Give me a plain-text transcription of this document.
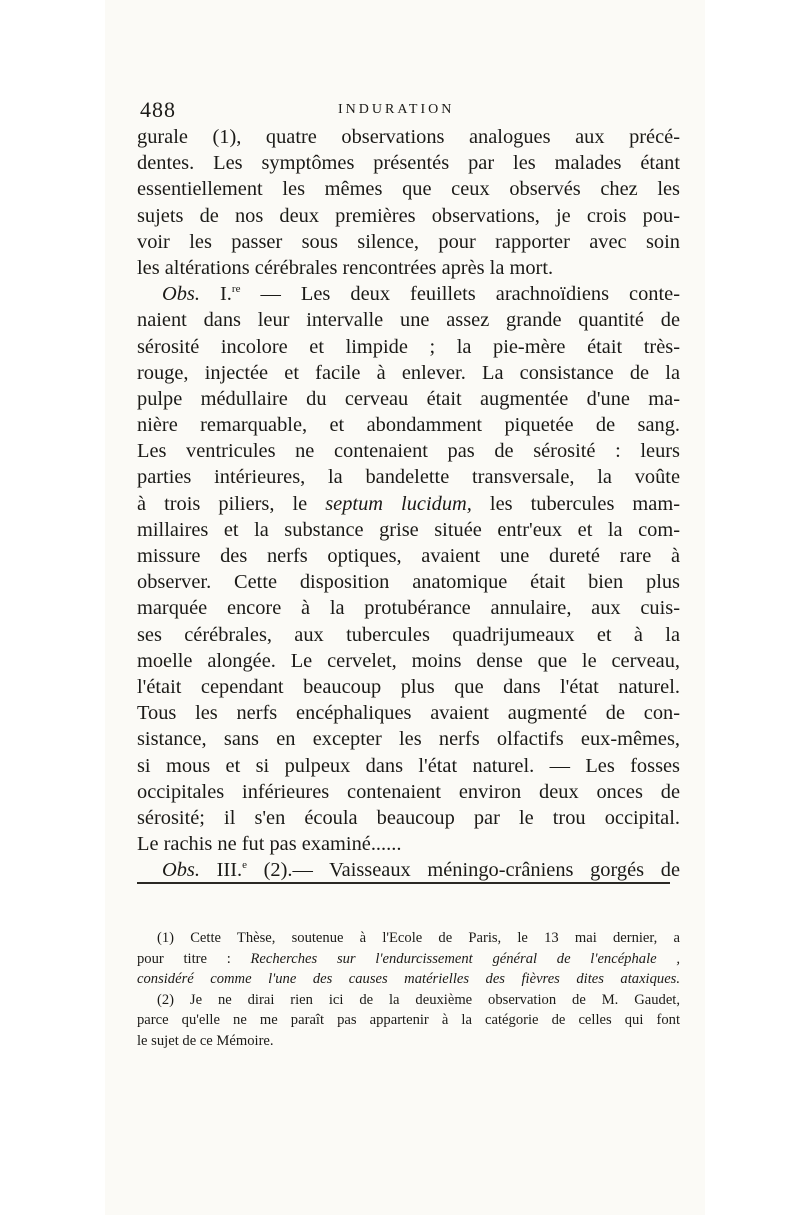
488	INDURATION
gurale (1), quatre observations analogues aux précé-
dentes. Les symptômes présentés par les malades étant
essentiellement les mêmes que ceux observés chez les
sujets de nos deux premières observations, je crois pou-
voir les passer sous silence, pour rapporter avec soin
les altérations cérébrales rencontrées après la mort.
Obs. I.$^{re}$ — Les deux feuillets arachnoïdiens conte-
naient dans leur intervalle une assez grande quantité de
sérosité incolore et limpide ; la pie-mère était très-
rouge, injectée et facile à enlever. La consistance de la
pulpe médullaire du cerveau était augmentée d'une ma-
nière remarquable, et abondamment piquetée de sang.
Les ventricules ne contenaient pas de sérosité : leurs
parties intérieures, la bandelette transversale, la voûte
à trois piliers, le septum lucidum, les tubercules mam-
millaires et la substance grise située entr'eux et la com-
missure des nerfs optiques, avaient une dureté rare à
observer. Cette disposition anatomique était bien plus
marquée encore à la protubérance annulaire, aux cuis-
ses cérébrales, aux tubercules quadrijumeaux et à la
moelle alongée. Le cervelet, moins dense que le cerveau,
l'était cependant beaucoup plus que dans l'état naturel.
Tous les nerfs encéphaliques avaient augmenté de con-
sistance, sans en excepter les nerfs olfactifs eux-mêmes,
si mous et si pulpeux dans l'état naturel. — Les fosses
occipitales inférieures contenaient environ deux onces de
sérosité; il s'en écoula beaucoup par le trou occipital.
Le rachis ne fut pas examiné......
Obs. III.$^e$ (2).— Vaisseaux méningo-crâniens gorgés de
(1) Cette Thèse, soutenue à l'Ecole de Paris, le 13 mai dernier, a
pour titre : Recherches sur l'endurcissement général de l'encéphale ,
considéré comme l'une des causes matérielles des fièvres dites ataxiques.
(2) Je ne dirai rien ici de la deuxième observation de M. Gaudet,
parce qu'elle ne me paraît pas appartenir à la catégorie de celles qui font
le sujet de ce Mémoire.
